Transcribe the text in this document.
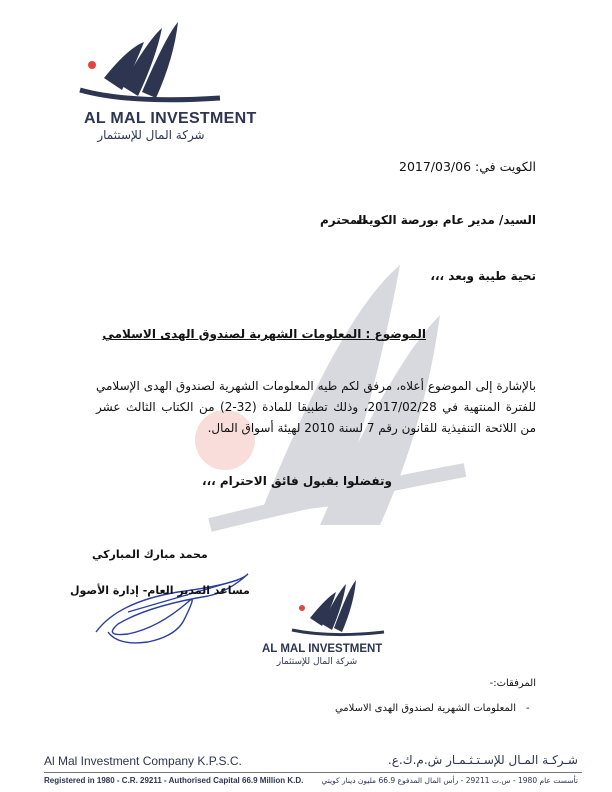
AL MAL INVESTMENT
شركة المال للإستثمار
الكويت في: 2017/03/06
السيد/ مدير عام بورصة الكويت
المحترم
تحية طيبة وبعد ،،،
الموضوع : المعلومات الشهرية لصندوق الهدى الاسلامي
بالإشارة إلى الموضوع أعلاه، مرفق لكم طيه المعلومات الشهرية لصندوق الهدى الإسلامي للفترة المنتهية في 2017/02/28، وذلك تطبيقا للمادة (32-2) من الكتاب الثالث عشر من اللائحة التنفيذية للقانون رقم 7 لسنة 2010 لهيئة أسواق المال.
وتفضلوا بقبول فائق الاحترام ،،،
محمد مبارك المباركي
مساعد المدير العام- إدارة الأصول
AL MAL INVESTMENT
شركة المال للإستثمار
المرفقات:-
-
المعلومات الشهرية لصندوق الهدى الاسلامي
Al Mal Investment Company K.P.S.C.	شـركـة المـال للإسـتـثـمـار ش.م.ك.ع.
Registered in 1980 - C.R. 29211 - Authorised Capital 66.9 Million K.D. تأسست عام 1980 - س.ت 29211 - رأس المال المدفوع 66.9 مليون دينار كويتي
